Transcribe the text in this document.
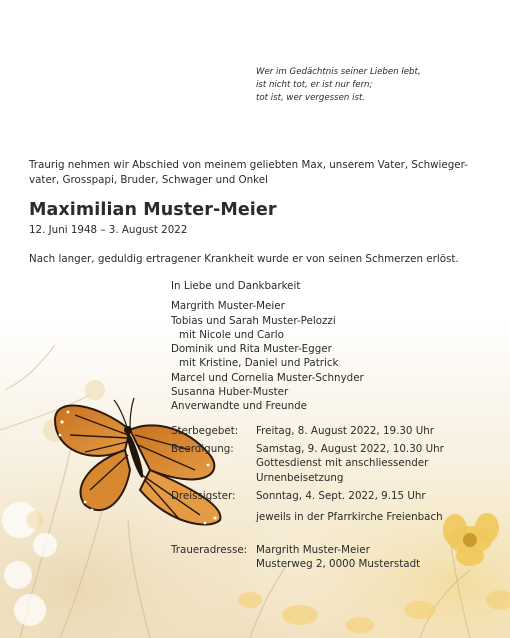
Wer im Gedächtnis seiner Lieben lebt,
ist nicht tot, er ist nur fern;
tot ist, wer vergessen ist.
Traurig nehmen wir Abschied von meinem geliebten Max, unserem Vater, Schwieger-
vater, Grosspapi, Bruder, Schwager und Onkel
Maximilian Muster-Meier
12. Juni 1948 – 3. August 2022
Nach langer, geduldig ertragener Krankheit wurde er von seinen Schmerzen erlöst.
In Liebe und Dankbarkeit
Margrith Muster-Meier
Tobias und Sarah Muster-Pelozzi
mit Nicole und Carlo
Dominik und Rita Muster-Egger
mit Kristine, Daniel und Patrick
Marcel und Cornelia Muster-Schnyder
Susanna Huber-Muster
Anverwandte und Freunde
Sterbegebet: Freitag, 8. August 2022, 19.30 Uhr
Beerdigung: Samstag, 9. August 2022, 10.30 Uhr
Gottesdienst mit anschliessender
Urnenbeisetzung
Dreissigster: Sonntag, 4. Sept. 2022, 9.15 Uhr
jeweils in der Pfarrkirche Freienbach
Traueradresse: Margrith Muster-Meier
Musterweg 2, 0000 Musterstadt
